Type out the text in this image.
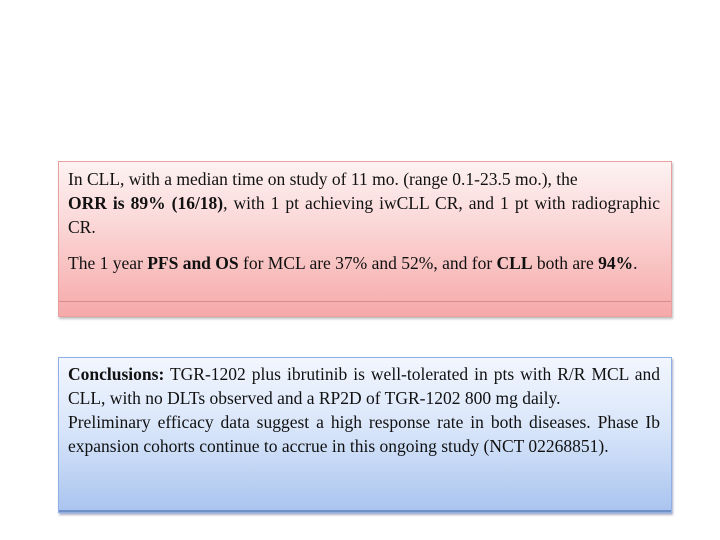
In CLL, with a median time on study of 11 mo. (range 0.1-23.5 mo.), the
ORR is 89% (16/18), with 1 pt achieving iwCLL CR, and 1 pt with radiographic CR.

The 1 year PFS and OS for MCL are 37% and 52%, and for CLL both are 94%.

Conclusions: TGR-1202 plus ibrutinib is well-tolerated in pts with R/R MCL and CLL, with no DLTs observed and a RP2D of TGR-1202 800 mg daily.

Preliminary efficacy data suggest a high response rate in both diseases. Phase Ib expansion cohorts continue to accrue in this ongoing study (NCT 02268851).
